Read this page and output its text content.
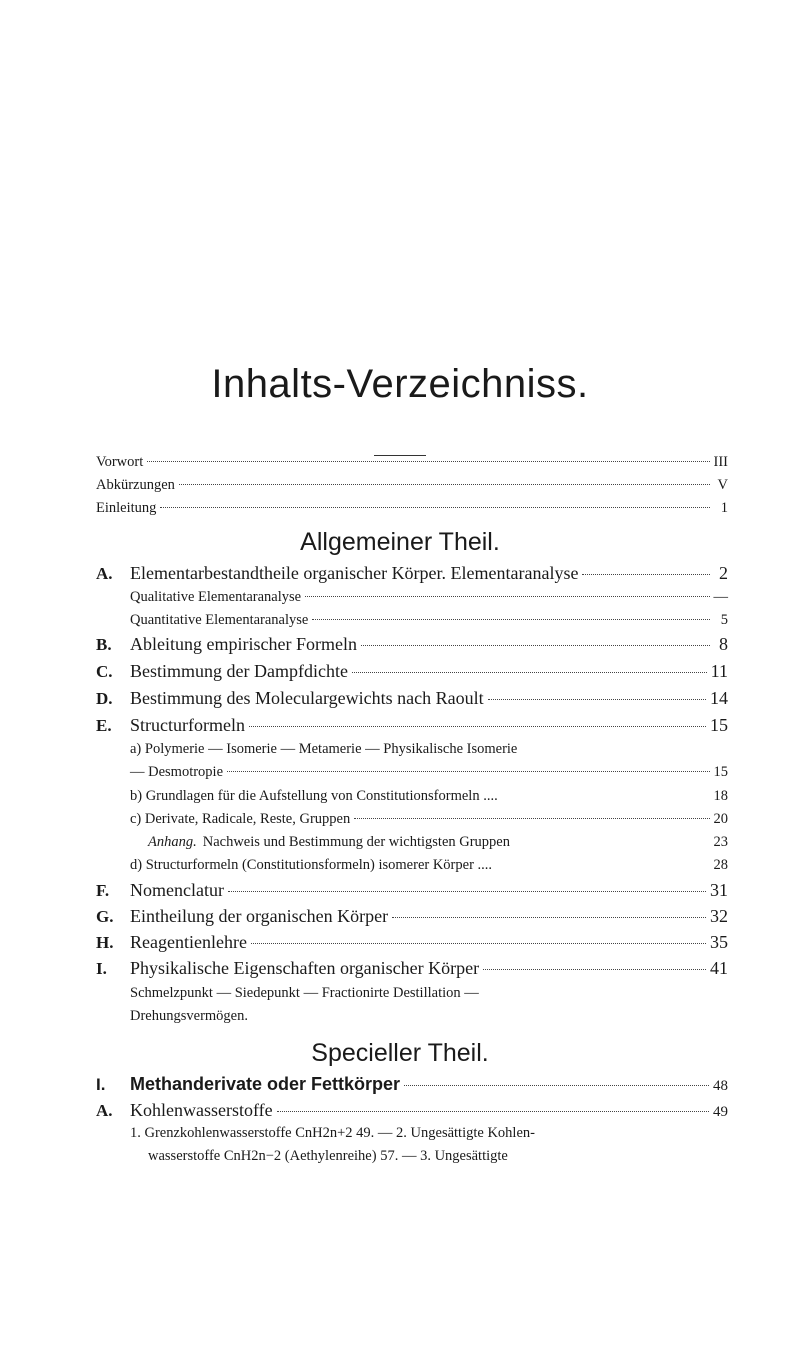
Inhalts-Verzeichniss.
Vorwort	III
Abkürzungen	V
Einleitung	1
Allgemeiner Theil.
A. Elementarbestandtheile organischer Körper. Elementaranalyse	2
Qualitative Elementaranalyse	—
Quantitative Elementaranalyse	5
B.	Ableitung empirischer Formeln	8
C. Bestimmung der Dampfdichte	11
D. Bestimmung des Moleculargewichts nach Raoult	14
E.	Structurformeln	15
a) Polymerie — Isomerie — Metamerie — Physikalische Isomerie
— Desmotropie	15
b) Grundlagen für die Aufstellung von Constitutionsformeln ....	18
c) Derivate, Radicale, Reste, Gruppen	20
Anhang. Nachweis und Bestimmung der wichtigsten Gruppen	23
d) Structurformeln (Constitutionsformeln) isomerer Körper ....	28
F.	Nomenclatur	31
G. Eintheilung der organischen Körper	32
H. Reagentienlehre	35
I.	Physikalische Eigenschaften organischer Körper	41
Schmelzpunkt — Siedepunkt — Fractionirte Destillation —
Drehungsvermögen.
Specieller Theil.
I.	Methanderivate oder Fettkörper	48
A. Kohlenwasserstoffe	49
1. Grenzkohlenwasserstoffe CnH2n+2 49. — 2. Ungesättigte Kohlen-
wasserstoffe CnH2n−2 (Aethylenreihe) 57. — 3. Ungesättigte
